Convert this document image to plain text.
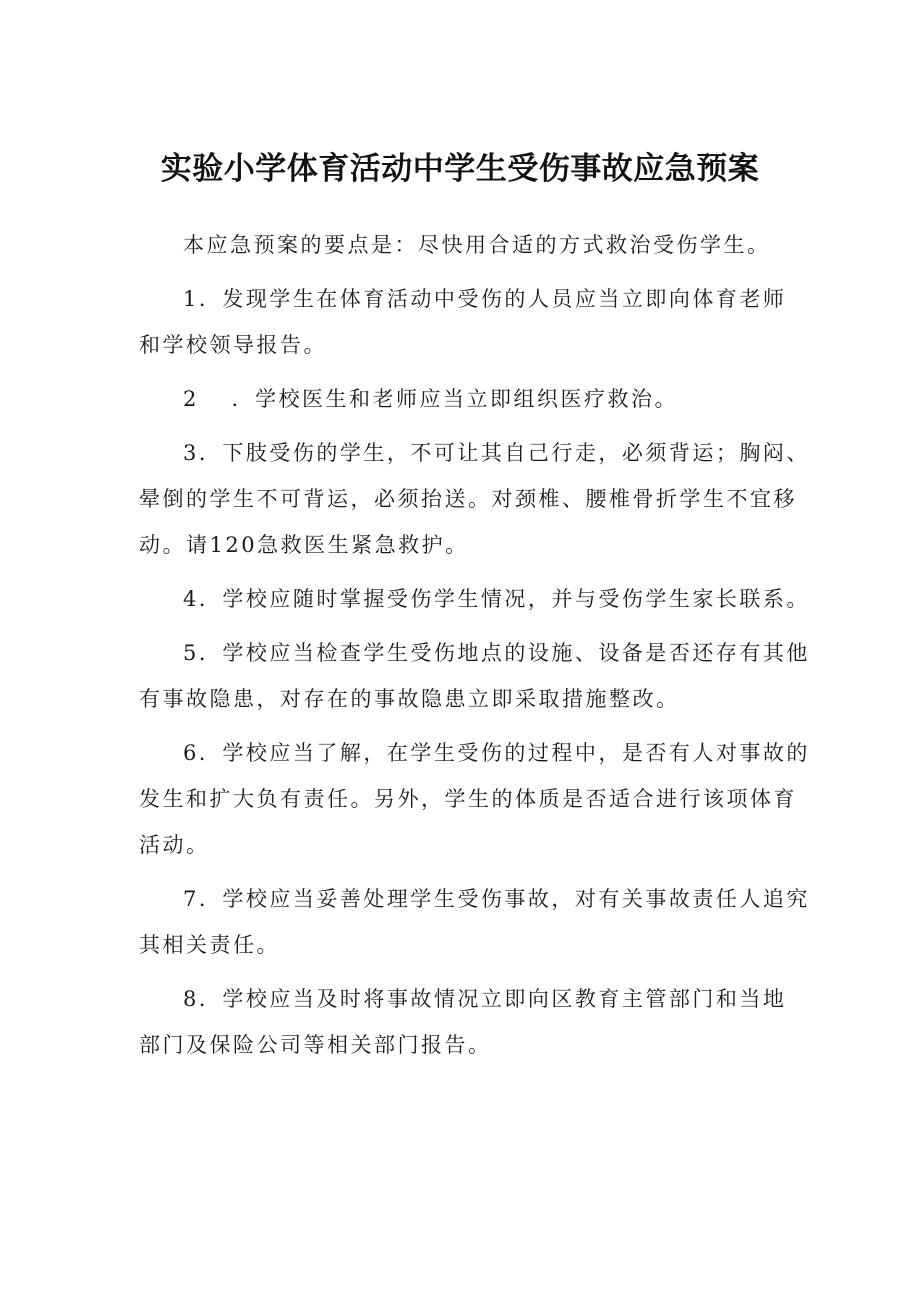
实验小学体育活动中学生受伤事故应急预案

本应急预案的要点是：尽快用合适的方式救治受伤学生。

1．发现学生在体育活动中受伤的人员应当立即向体育老师
和学校领导报告。

2　 ．学校医生和老师应当立即组织医疗救治。

3．下肢受伤的学生，不可让其自己行走，必须背运；胸闷、
晕倒的学生不可背运，必须抬送。对颈椎、腰椎骨折学生不宜移
动。请120急救医生紧急救护。

4．学校应随时掌握受伤学生情况，并与受伤学生家长联系。

5．学校应当检查学生受伤地点的设施、设备是否还存有其他
有事故隐患，对存在的事故隐患立即采取措施整改。

6．学校应当了解，在学生受伤的过程中，是否有人对事故的
发生和扩大负有责任。另外，学生的体质是否适合进行该项体育
活动。

7．学校应当妥善处理学生受伤事故，对有关事故责任人追究
其相关责任。

8．学校应当及时将事故情况立即向区教育主管部门和当地
部门及保险公司等相关部门报告。
